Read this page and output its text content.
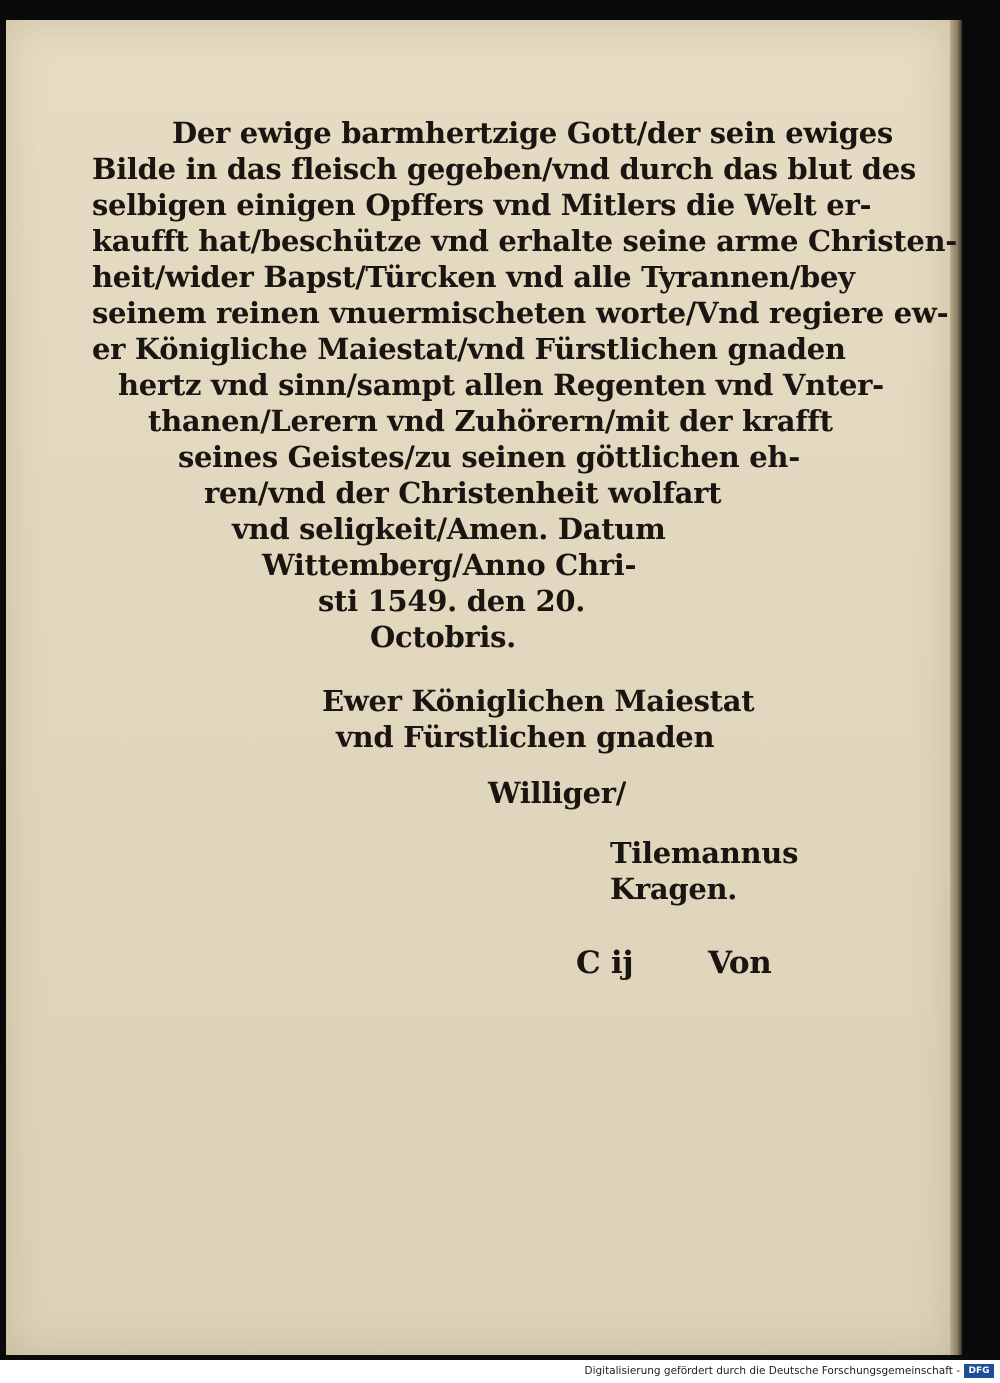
Der ewige barmhertzige Gott/der sein ewiges
Bilde in das fleisch gegeben/vnd durch das blut des
selbigen einigen Opffers vnd Mitlers die Welt er-
kaufft hat/beschütze vnd erhalte seine arme Christen-
heit/wider Bapst/Türcken vnd alle Tyrannen/bey
seinem reinen vnuermischeten worte/Vnd regiere ew-
er Königliche Maiestat/vnd Fürstlichen gnaden
hertz vnd sinn/sampt allen Regenten vnd Vnter-
thanen/Lerern vnd Zuhörern/mit der krafft
seines Geistes/zu seinen göttlichen eh-
ren/vnd der Christenheit wolfart
vnd seligkeit/Amen. Datum
Wittemberg/Anno Chri-
sti 1549. den 20.
Octobris.
Ewer Königlichen Maiestat
vnd Fürstlichen gnaden
Williger/
Tilemannus
Kragen.
C ij Von
Digitalisierung gefördert durch die Deutsche Forschungsgemeinschaft - DFG
